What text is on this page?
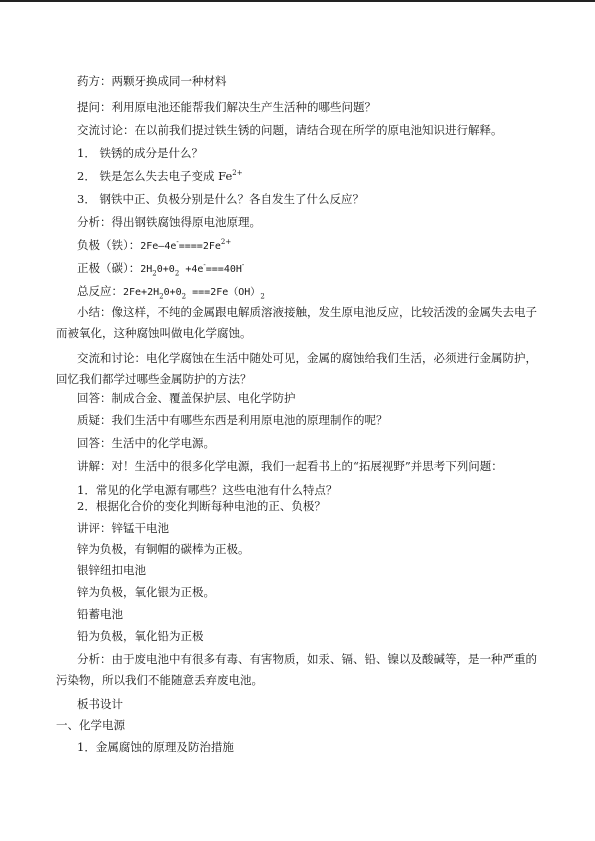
药方：两颗牙换成同一种材料
提问：利用原电池还能帮我们解决生产生活种的哪些问题？
交流讨论：在以前我们提过铁生锈的问题，请结合现在所学的原电池知识进行解释。
1． 铁锈的成分是什么？
2． 铁是怎么失去电子变成 $Fe^{2+}$
3． 钢铁中正、负极分别是什么？各自发生了什么反应？
分析：得出钢铁腐蚀得原电池原理。
负极（铁）：$2Fe—4e^-====2Fe^{2+}$
正极（碳）：$2H_20+0_2 +4e^-===40H^-$
总反应：$2Fe+2H_20+0_2 ===2Fe(OH)_2$
小结：像这样，不纯的金属跟电解质溶液接触，发生原电池反应，比较活泼的金属失去电子而被氧化，这种腐蚀叫做电化学腐蚀。
交流和讨论：电化学腐蚀在生活中随处可见，金属的腐蚀给我们生活，必须进行金属防护，回忆我们都学过哪些金属防护的方法？
回答：制成合金、覆盖保护层、电化学防护
质疑：我们生活中有哪些东西是利用原电池的原理制作的呢？
回答：生活中的化学电源。
讲解：对！生活中的很多化学电源，我们一起看书上的“拓展视野”并思考下列问题：
1．常见的化学电源有哪些？这些电池有什么特点？
2．根据化合价的变化判断每种电池的正、负极？
讲评：锌锰干电池
锌为负极，有铜帽的碳棒为正极。
银锌纽扣电池
锌为负极，氧化银为正极。
铅蓄电池
铅为负极，氧化铅为正极
分析：由于废电池中有很多有毒、有害物质，如汞、镉、铅、镍以及酸碱等，是一种严重的污染物，所以我们不能随意丢弃废电池。
板书设计
一、化学电源
1．金属腐蚀的原理及防治措施
